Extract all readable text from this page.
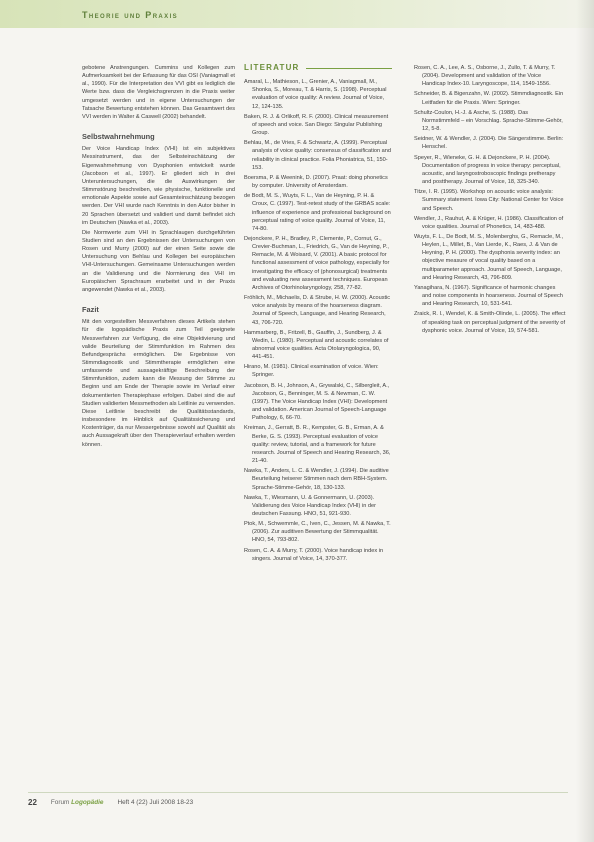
Theorie und Praxis

gebotene Anstrengungen. Cummins und Kollegen zum Aufmerksamkeit bei der Erfassung für das OSI (Vaniagmall et al., 1990). Für die Interpretation des VVI gibt es lediglich die Werte bzw. dass die Vergleichsgrenzen in die Praxis weiter umgesetzt werden und in eigene Untersuchungen der Tatsache Bewertung entstehen können. Das Gesamtwert des VVI werden in Walter & Caswell (2002) behandelt.

Selbstwahrnehmung

Der Voice Handicap Index (VHI) ist ein subjektives Messinstrument, das der Selbsteinschätzung der Eigenwahrnehmung von Dysphonien entwickelt wurde (Jacobson et al., 1997). Er gliedert sich in drei Unteruntersuchungen, die die Auswirkungen der Stimmstörung beschreiben, wie physische, funktionelle und emotionale Aspekte sowie auf Gesamteinschätzung bezogen werden. Der VHI wurde nach Kenntnis in den Autor bisher in 20 Sprachen übersetzt und validiert und damit befindet sich im Deutschen (Nawka et al., 2003).

Die Normwerte zum VHI in Sprachlaugen durchgeführten Studien sind an den Ergebnissen der Untersuchungen von Rosen und Murry (2000) auf der einen Seite sowie die Untersuchung von Behlau und Kollegen bei europäischen VHI-Untersuchungen. Gemeinsame Untersuchungen werden an die Validierung und die Normierung des VHI im Europäischen Sprachraum erarbeitet und in der Praxis angewendet (Nawka et al., 2003).

Fazit

Mit den vorgestellten Messverfahren dieses Artikels stehen für die logopädische Praxis zum Teil geeignete Messverfahren zur Verfügung, die eine Objektivierung und valide Beurteilung der Stimmfunktion im Rahmen des Befundgesprächs ermöglichen. Die Ergebnisse von Stimmdiagnostik und Stimmtherapie ermöglichen eine umfassende und aussagekräftige Beschreibung der Stimmfunktion, zudem kann die Messung der Stimme zu Beginn und am Ende der Therapie sowie im Verlauf einer dokumentierten Therapiephase erfolgen. Dabei sind die auf Studien validierten Messmethoden als Leitlinie zu verwenden. Diese Leitlinie beschreibt die Qualitätsstandards, insbesondere im Hinblick auf Qualitätssicherung und Kostenträger, da nur Messergebnisse sowohl auf Qualität als auch Aussagekraft über den Therapieverlauf erhalten werden können.

LITERATUR

Amaral, L., Mathieson, L., Grenier, A., Vaniagmall, M., Shonka, S., Moreau, T. & Harris, S. (1998). Perceptual evaluation of voice quality: A review. Journal of Voice, 12, 124-135.

Baken, R. J. & Orlikoff, R. F. (2000). Clinical measurement of speech and voice. San Diego: Singular Publishing Group.

Behlau, M., de Vries, F. & Schwartz, A. (1999). Perceptual analysis of voice quality: consensus of classification and reliability in clinical practice. Folia Phoniatrica, 51, 150-153.

Boersma, P. & Weenink, D. (2007). Praat: doing phonetics by computer. University of Amsterdam.

de Bodt, M. S., Wuyts, F. L., Van de Heyning, P. H. & Croux, C. (1997). Test-retest study of the GRBAS scale: influence of experience and professional background on perceptual rating of voice quality. Journal of Voice, 11, 74-80.

Dejonckere, P. H., Bradley, P., Clemente, P., Cornut, G., Crevier-Buchman, L., Friedrich, G., Van de Heyning, P., Remacle, M. & Woisard, V. (2001). A basic protocol for functional assessment of voice pathology, especially for investigating the efficacy of (phonosurgical) treatments and evaluating new assessment techniques. European Archives of Otorhinolaryngology, 258, 77-82.

Fröhlich, M., Michaelis, D. & Strube, H. W. (2000). Acoustic voice analysis by means of the hoarseness diagram. Journal of Speech, Language, and Hearing Research, 43, 706-720.

Hammarberg, B., Fritzell, B., Gauffin, J., Sundberg, J. & Wedin, L. (1980). Perceptual and acoustic correlates of abnormal voice qualities. Acta Otolaryngologica, 90, 441-451.

Hirano, M. (1981). Clinical examination of voice. Wien: Springer.

Jacobson, B. H., Johnson, A., Grywalski, C., Silbergleit, A., Jacobson, G., Benninger, M. S. & Newman, C. W. (1997). The Voice Handicap Index (VHI): Development and validation. American Journal of Speech-Language Pathology, 6, 66-70.

Kreiman, J., Gerratt, B. R., Kempster, G. B., Erman, A. & Berke, G. S. (1993). Perceptual evaluation of voice quality: review, tutorial, and a framework for future research. Journal of Speech and Hearing Research, 36, 21-40.

Nawka, T., Anders, L. C. & Wendler, J. (1994). Die auditive Beurteilung heiserer Stimmen nach dem RBH-System. Sprache-Stimme-Gehör, 18, 130-133.

Nawka, T., Wiesmann, U. & Gonnermann, U. (2003). Validierung des Voice Handicap Index (VHI) in der deutschen Fassung. HNO, 51, 921-930.

Ptok, M., Schwemmle, C., Iven, C., Jessen, M. & Nawka, T. (2006). Zur auditiven Bewertung der Stimmqualität. HNO, 54, 793-802.

Rosen, C. A. & Murry, T. (2000). Voice handicap index in singers. Journal of Voice, 14, 370-377.

Rosen, C. A., Lee, A. S., Osborne, J., Zullo, T. & Murry, T. (2004). Development and validation of the Voice Handicap Index-10. Laryngoscope, 114, 1549-1556.

Schneider, B. & Bigenzahn, W. (2002). Stimmdiagnostik. Ein Leitfaden für die Praxis. Wien: Springer.

Schultz-Coulon, H.-J. & Asche, S. (1988). Das Normstimmfeld – ein Vorschlag. Sprache-Stimme-Gehör, 12, 5-8.

Seidner, W. & Wendler, J. (2004). Die Sängerstimme. Berlin: Henschel.

Speyer, R., Wieneke, G. H. & Dejonckere, P. H. (2004). Documentation of progress in voice therapy: perceptual, acoustic, and laryngostroboscopic findings pretherapy and posttherapy. Journal of Voice, 18, 325-340.

Titze, I. R. (1995). Workshop on acoustic voice analysis: Summary statement. Iowa City: National Center for Voice and Speech.

Wendler, J., Rauhut, A. & Krüger, H. (1986). Classification of voice qualities. Journal of Phonetics, 14, 483-488.

Wuyts, F. L., De Bodt, M. S., Molenberghs, G., Remacle, M., Heylen, L., Millet, B., Van Lierde, K., Raes, J. & Van de Heyning, P. H. (2000). The dysphonia severity index: an objective measure of vocal quality based on a multiparameter approach. Journal of Speech, Language, and Hearing Research, 43, 796-809.

Yanagihara, N. (1967). Significance of harmonic changes and noise components in hoarseness. Journal of Speech and Hearing Research, 10, 531-541.

Zraick, R. I., Wendel, K. & Smith-Olinde, L. (2005). The effect of speaking task on perceptual judgment of the severity of dysphonic voice. Journal of Voice, 19, 574-581.

22 Forum Logopädie Heft 4 (22) Juli 2008 18-23
